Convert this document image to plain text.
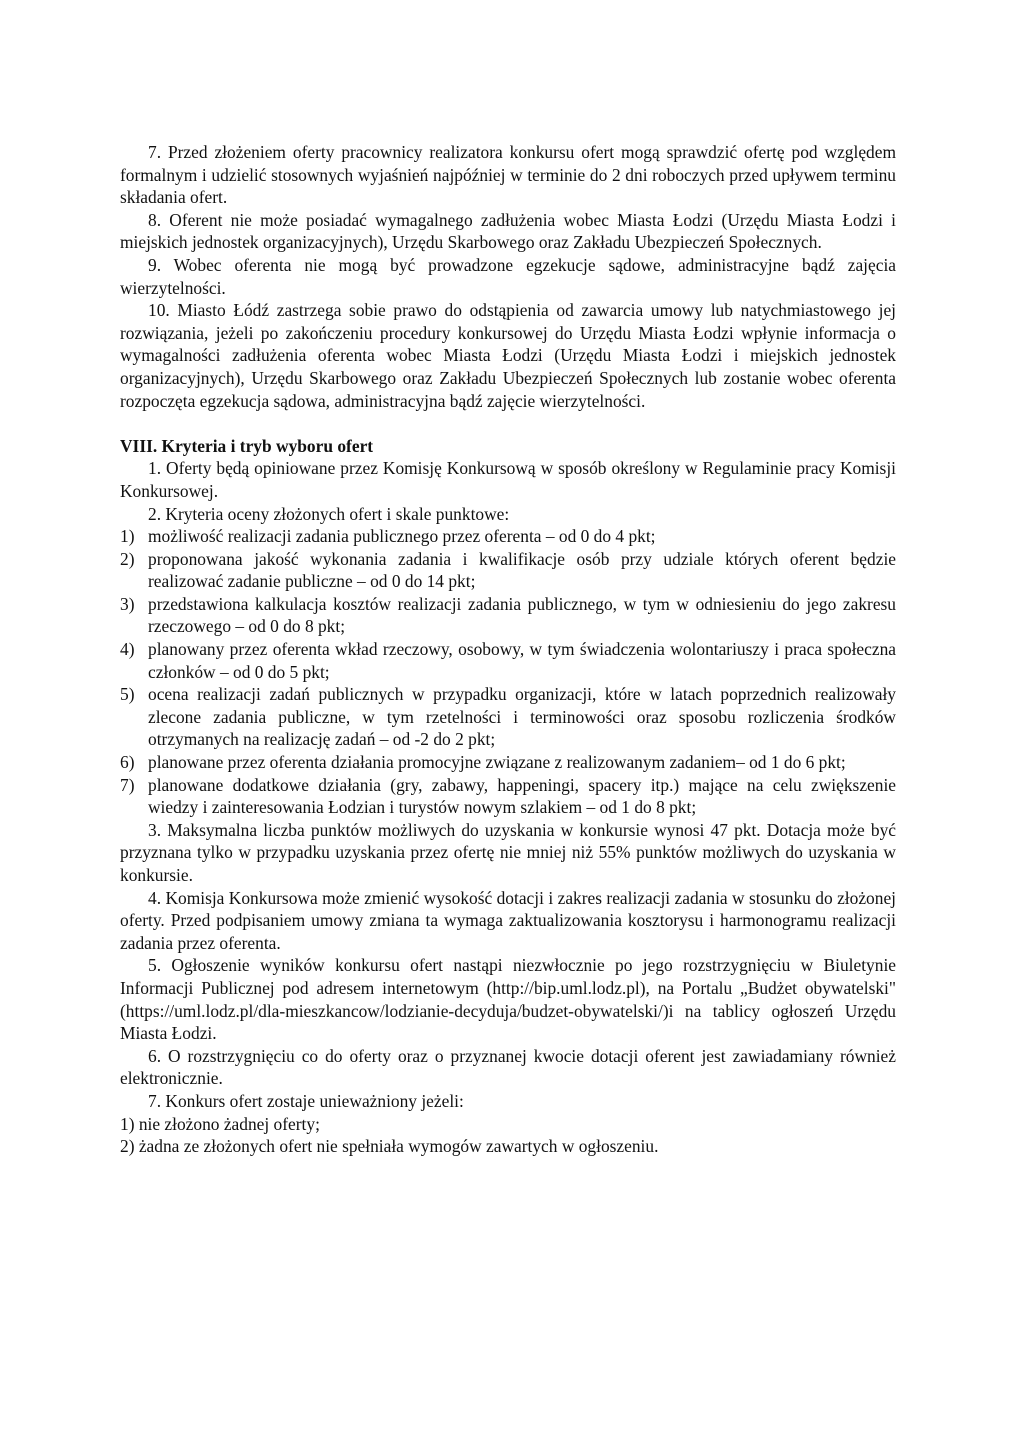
7. Przed złożeniem oferty pracownicy realizatora konkursu ofert mogą sprawdzić ofertę pod względem formalnym i udzielić stosownych wyjaśnień najpóźniej w terminie do 2 dni roboczych przed upływem terminu składania ofert.
8. Oferent nie może posiadać wymagalnego zadłużenia wobec Miasta Łodzi (Urzędu Miasta Łodzi i miejskich jednostek organizacyjnych), Urzędu Skarbowego oraz Zakładu Ubezpieczeń Społecznych.
9. Wobec oferenta nie mogą być prowadzone egzekucje sądowe, administracyjne bądź zajęcia wierzytelności.
10. Miasto Łódź zastrzega sobie prawo do odstąpienia od zawarcia umowy lub natychmiastowego jej rozwiązania, jeżeli po zakończeniu procedury konkursowej do Urzędu Miasta Łodzi wpłynie informacja o wymagalności zadłużenia oferenta wobec Miasta Łodzi (Urzędu Miasta Łodzi i miejskich jednostek organizacyjnych), Urzędu Skarbowego oraz Zakładu Ubezpieczeń Społecznych lub zostanie wobec oferenta rozpoczęta egzekucja sądowa, administracyjna bądź zajęcie wierzytelności.
VIII. Kryteria i tryb wyboru ofert
1. Oferty będą opiniowane przez Komisję Konkursową w sposób określony w Regulaminie pracy Komisji Konkursowej.
2. Kryteria oceny złożonych ofert i skale punktowe:
1) możliwość realizacji zadania publicznego przez oferenta – od 0 do 4 pkt;
2) proponowana jakość wykonania zadania i kwalifikacje osób przy udziale których oferent będzie realizować zadanie publiczne – od 0 do 14 pkt;
3) przedstawiona kalkulacja kosztów realizacji zadania publicznego, w tym w odniesieniu do jego zakresu rzeczowego – od 0 do 8 pkt;
4) planowany przez oferenta wkład rzeczowy, osobowy, w tym świadczenia wolontariuszy i praca społeczna członków – od 0 do 5 pkt;
5) ocena realizacji zadań publicznych w przypadku organizacji, które w latach poprzednich realizowały zlecone zadania publiczne, w tym rzetelności i terminowości oraz sposobu rozliczenia środków otrzymanych na realizację zadań – od -2 do 2 pkt;
6) planowane przez oferenta działania promocyjne związane z realizowanym zadaniem– od 1 do 6 pkt;
7) planowane dodatkowe działania (gry, zabawy, happeningi, spacery itp.) mające na celu zwiększenie wiedzy i zainteresowania Łodzian i turystów nowym szlakiem – od 1 do 8 pkt;
3. Maksymalna liczba punktów możliwych do uzyskania w konkursie wynosi 47 pkt. Dotacja może być przyznana tylko w przypadku uzyskania przez ofertę nie mniej niż 55% punktów możliwych do uzyskania w konkursie.
4. Komisja Konkursowa może zmienić wysokość dotacji i zakres realizacji zadania w stosunku do złożonej oferty. Przed podpisaniem umowy zmiana ta wymaga zaktualizowania kosztorysu i harmonogramu realizacji zadania przez oferenta.
5. Ogłoszenie wyników konkursu ofert nastąpi niezwłocznie po jego rozstrzygnięciu w Biuletynie Informacji Publicznej pod adresem internetowym (http://bip.uml.lodz.pl), na Portalu „Budżet obywatelski" (https://uml.lodz.pl/dla-mieszkancow/lodzianie-decyduja/budzet-obywatelski/)i na tablicy ogłoszeń Urzędu Miasta Łodzi.
6. O rozstrzygnięciu co do oferty oraz o przyznanej kwocie dotacji oferent jest zawiadamiany również elektronicznie.
7. Konkurs ofert zostaje unieważniony jeżeli:
1) nie złożono żadnej oferty;
2) żadna ze złożonych ofert nie spełniała wymogów zawartych w ogłoszeniu.
